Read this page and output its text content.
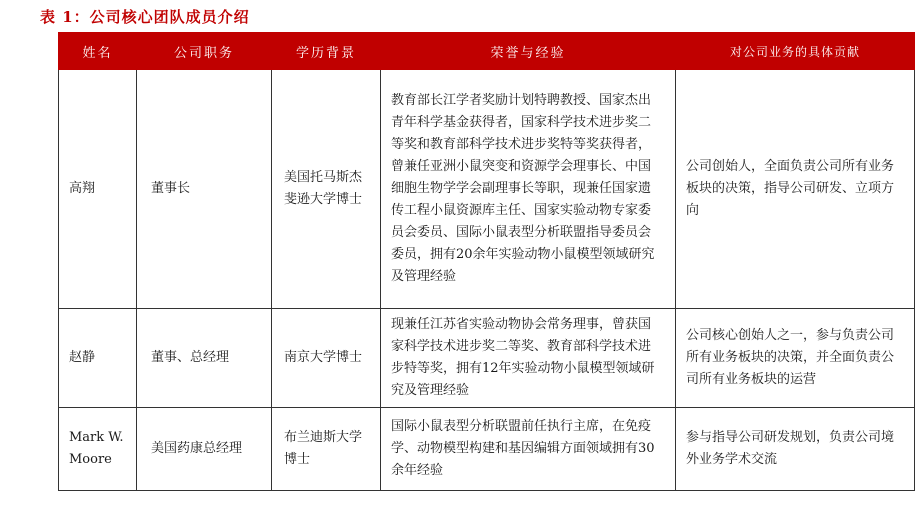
表 1：公司核心团队成员介绍
姓名	公司职务	学历背景	荣誉与经验	对公司业务的具体贡献
高翔	董事长	美国托马斯杰斐逊大学博士	教育部长江学者奖励计划特聘教授、国家杰出青年科学基金获得者，国家科学技术进步奖二等奖和教育部科学技术进步奖特等奖获得者，曾兼任亚洲小鼠突变和资源学会理事长、中国细胞生物学学会副理事长等职，现兼任国家遗传工程小鼠资源库主任、国家实验动物专家委员会委员、国际小鼠表型分析联盟指导委员会委员，拥有20余年实验动物小鼠模型领域研究及管理经验	公司创始人，全面负责公司所有业务板块的决策，指导公司研发、立项方向
赵静	董事、总经理	南京大学博士	现兼任江苏省实验动物协会常务理事，曾获国家科学技术进步奖二等奖、教育部科学技术进步特等奖，拥有12年实验动物小鼠模型领域研究及管理经验	公司核心创始人之一，参与负责公司所有业务板块的决策，并全面负责公司所有业务板块的运营
Mark W. Moore	美国药康总经理	布兰迪斯大学博士	国际小鼠表型分析联盟前任执行主席，在免疫学、动物模型构建和基因编辑方面领域拥有30余年经验	参与指导公司研发规划，负责公司境外业务学术交流
